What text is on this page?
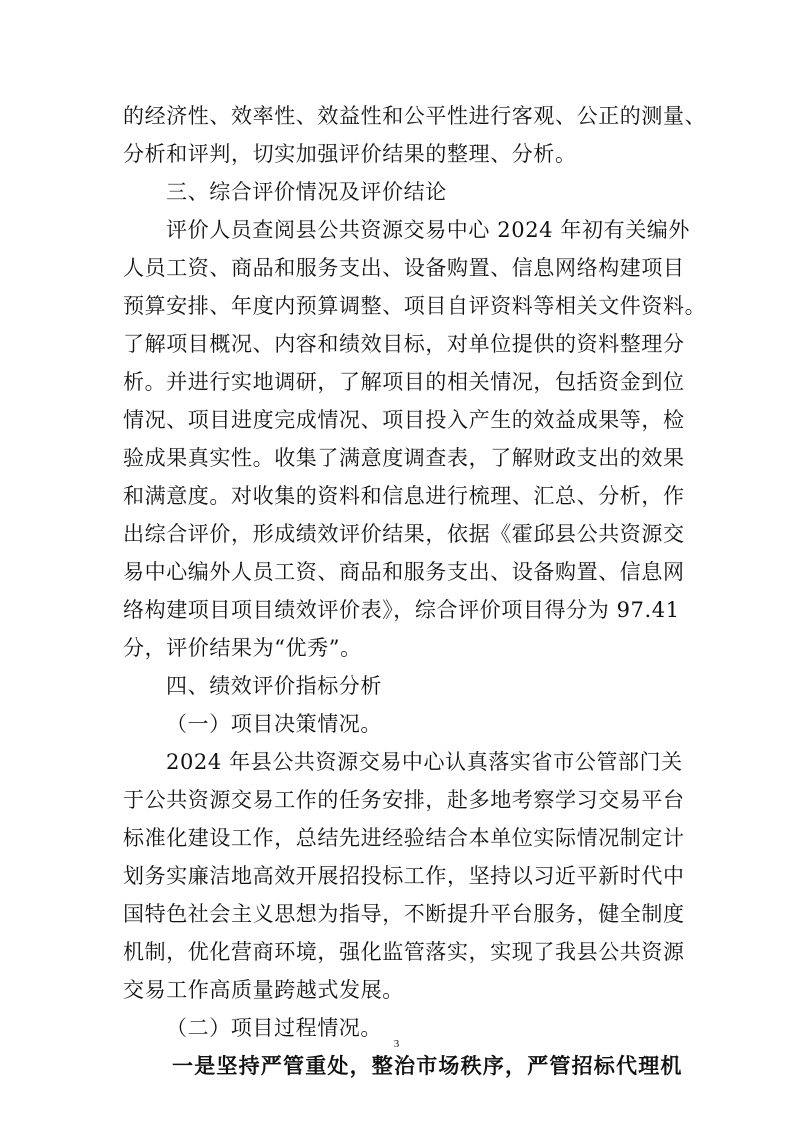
的经济性、效率性、效益性和公平性进行客观、公正的测量、
分析和评判，切实加强评价结果的整理、分析。
三、综合评价情况及评价结论
评价人员查阅县公共资源交易中心 2024 年初有关编外
人员工资、商品和服务支出、设备购置、信息网络构建项目
预算安排、年度内预算调整、项目自评资料等相关文件资料。
了解项目概况、内容和绩效目标，对单位提供的资料整理分
析。并进行实地调研，了解项目的相关情况，包括资金到位
情况、项目进度完成情况、项目投入产生的效益成果等，检
验成果真实性。收集了满意度调查表，了解财政支出的效果
和满意度。对收集的资料和信息进行梳理、汇总、分析，作
出综合评价，形成绩效评价结果，依据《霍邱县公共资源交
易中心编外人员工资、商品和服务支出、设备购置、信息网
络构建项目项目绩效评价表》，综合评价项目得分为 97.41
分，评价结果为“优秀”。
四、绩效评价指标分析
（一）项目决策情况。
2024 年县公共资源交易中心认真落实省市公管部门关
于公共资源交易工作的任务安排，赴多地考察学习交易平台
标准化建设工作，总结先进经验结合本单位实际情况制定计
划务实廉洁地高效开展招投标工作，坚持以习近平新时代中
国特色社会主义思想为指导，不断提升平台服务，健全制度
机制，优化营商环境，强化监管落实，实现了我县公共资源
交易工作高质量跨越式发展。
（二）项目过程情况。
一是坚持严管重处，整治市场秩序，严管招标代理机
3
